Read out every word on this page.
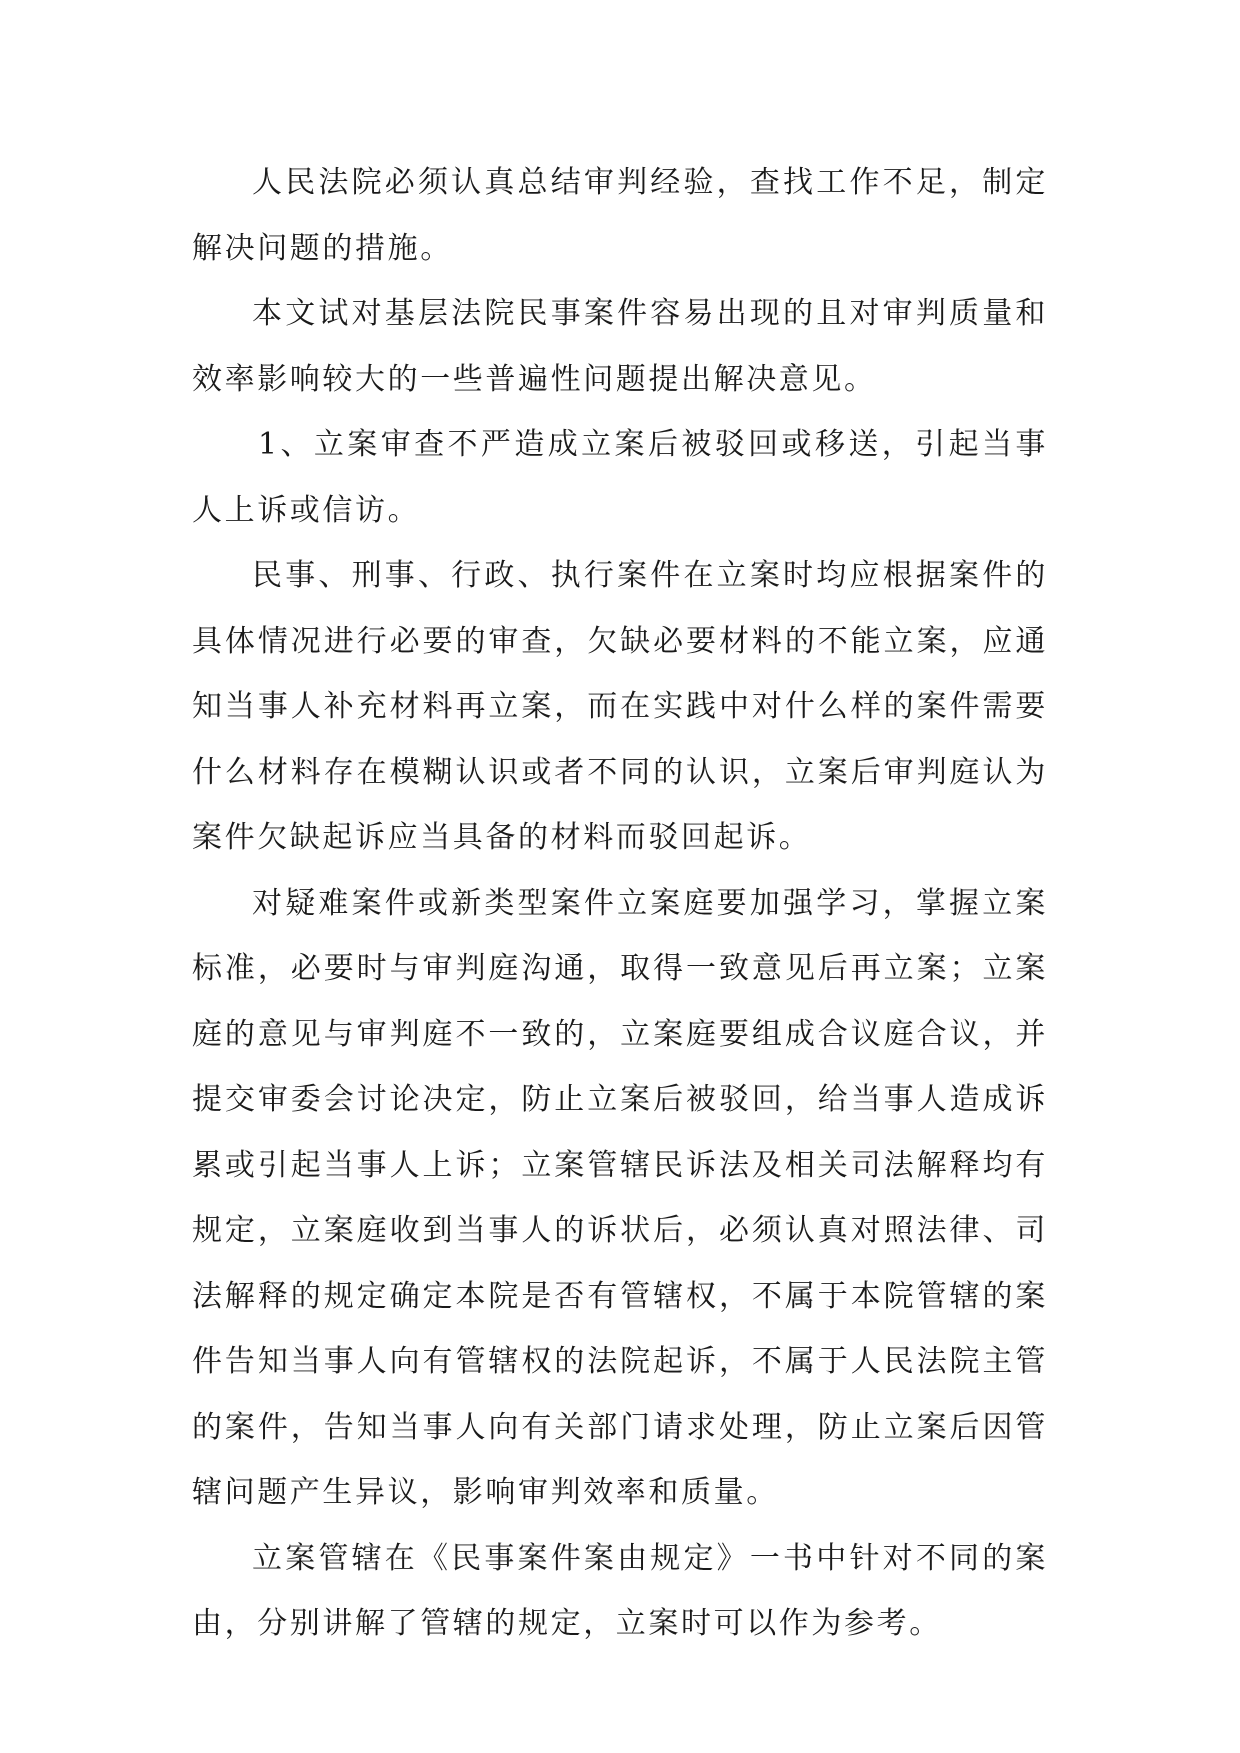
人民法院必须认真总结审判经验，查找工作不足，制定解决问题的措施。

本文试对基层法院民事案件容易出现的且对审判质量和效率影响较大的一些普遍性问题提出解决意见。

1、立案审查不严造成立案后被驳回或移送，引起当事人上诉或信访。

民事、刑事、行政、执行案件在立案时均应根据案件的具体情况进行必要的审查，欠缺必要材料的不能立案，应通知当事人补充材料再立案，而在实践中对什么样的案件需要什么材料存在模糊认识或者不同的认识，立案后审判庭认为案件欠缺起诉应当具备的材料而驳回起诉。

对疑难案件或新类型案件立案庭要加强学习，掌握立案标准，必要时与审判庭沟通，取得一致意见后再立案；立案庭的意见与审判庭不一致的，立案庭要组成合议庭合议，并提交审委会讨论决定，防止立案后被驳回，给当事人造成诉累或引起当事人上诉；立案管辖民诉法及相关司法解释均有规定，立案庭收到当事人的诉状后，必须认真对照法律、司法解释的规定确定本院是否有管辖权，不属于本院管辖的案件告知当事人向有管辖权的法院起诉，不属于人民法院主管的案件，告知当事人向有关部门请求处理，防止立案后因管辖问题产生异议，影响审判效率和质量。

立案管辖在《民事案件案由规定》一书中针对不同的案由，分别讲解了管辖的规定，立案时可以作为参考。
